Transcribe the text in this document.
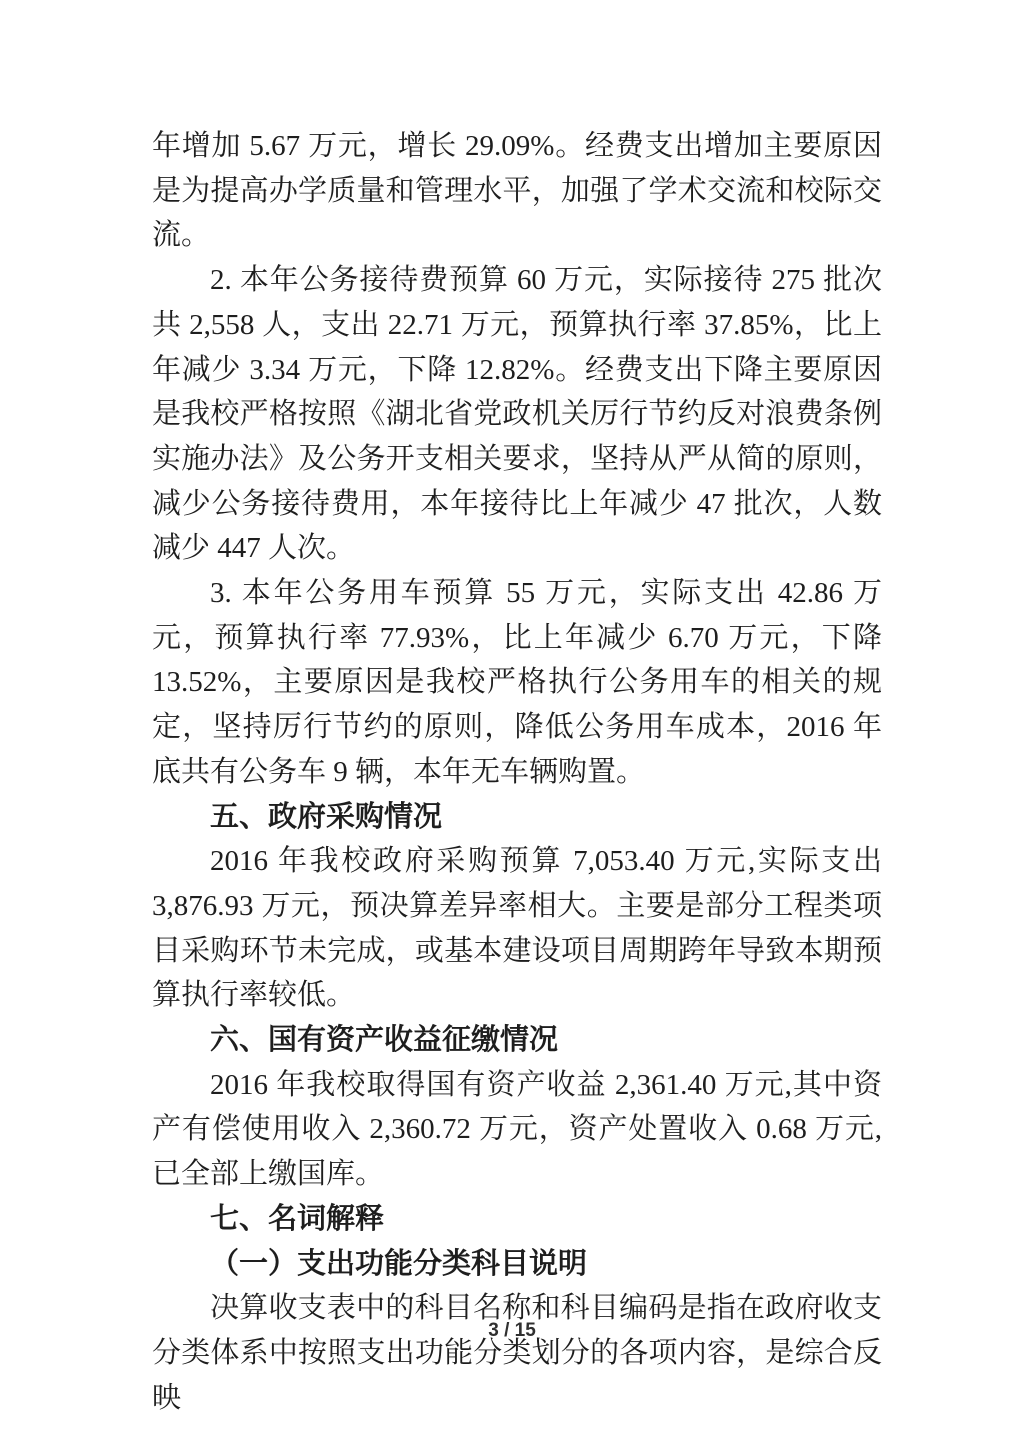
年增加 5.67 万元，增长 29.09%。经费支出增加主要原因是为提高办学质量和管理水平，加强了学术交流和校际交流。

2. 本年公务接待费预算 60 万元，实际接待 275 批次共 2,558 人，支出 22.71 万元，预算执行率 37.85%，比上年减少 3.34 万元，下降 12.82%。经费支出下降主要原因是我校严格按照《湖北省党政机关厉行节约反对浪费条例实施办法》及公务开支相关要求，坚持从严从简的原则，减少公务接待费用，本年接待比上年减少 47 批次，人数减少 447 人次。

3. 本年公务用车预算 55 万元，实际支出 42.86 万元，预算执行率 77.93%，比上年减少 6.70 万元，下降 13.52%，主要原因是我校严格执行公务用车的相关的规定，坚持厉行节约的原则，降低公务用车成本，2016 年底共有公务车 9 辆，本年无车辆购置。

五、政府采购情况

2016 年我校政府采购预算 7,053.40 万元,实际支出 3,876.93 万元，预决算差异率相大。主要是部分工程类项目采购环节未完成，或基本建设项目周期跨年导致本期预算执行率较低。

六、国有资产收益征缴情况

2016 年我校取得国有资产收益 2,361.40 万元,其中资产有偿使用收入 2,360.72 万元，资产处置收入 0.68 万元,已全部上缴国库。

七、名词解释
（一）支出功能分类科目说明

决算收支表中的科目名称和科目编码是指在政府收支分类体系中按照支出功能分类划分的各项内容，是综合反映

3 / 15
